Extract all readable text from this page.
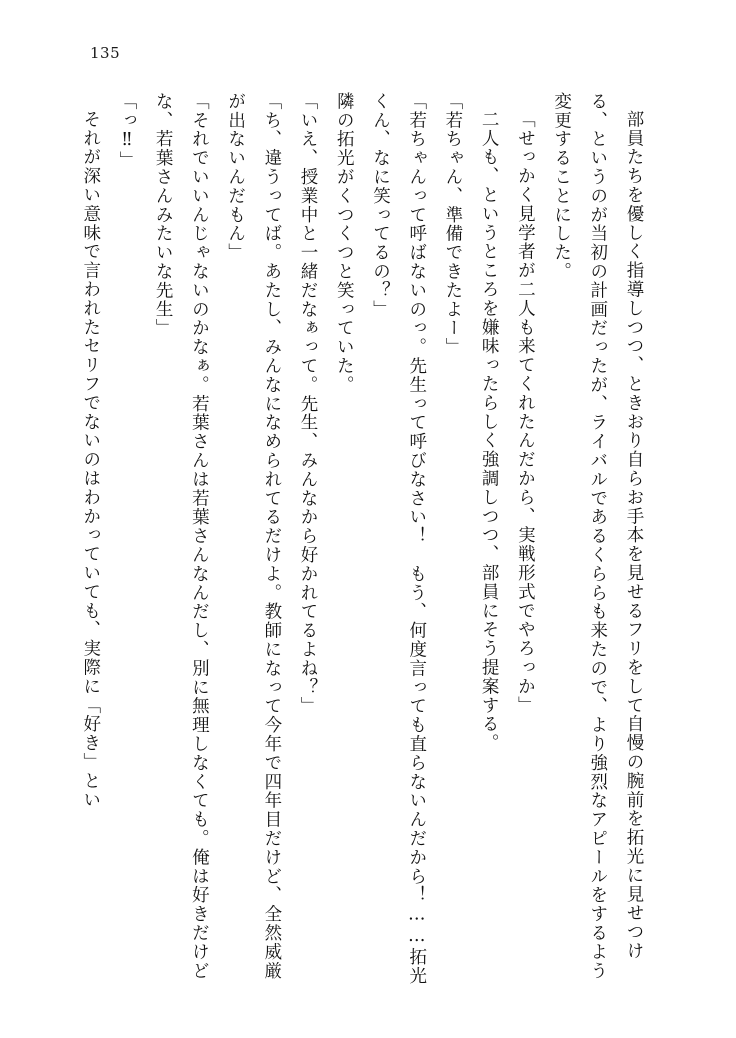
135

部員たちを優しく指導しつつ、ときおり自らお手本を見せるフリをして自慢の腕前を拓光に見せつける、というのが当初の計画だったが、ライバルであるくららも来たので、より強烈なアピールをするよう変更することにした。

「せっかく見学者が二人も来てくれたんだから、実戦形式でやろっか」

二人も、というところを嫌味ったらしく強調しつつ、部員にそう提案する。

「若ちゃん、準備できたよー」

「若ちゃんって呼ばないのっ。先生って呼びなさい！　もう、何度言っても直らないんだから！……拓光くん、なに笑ってるの？」

隣の拓光がくつくつと笑っていた。

「いえ、授業中と一緒だなぁって。先生、みんなから好かれてるよね？」

「ち、違うってば。あたし、みんなになめられてるだけよ。教師になって今年で四年目だけど、全然威厳が出ないんだもん」

「それでいいんじゃないのかなぁ。若葉さんは若葉さんなんだし、別に無理しなくても。俺は好きだけどな、若葉さんみたいな先生」

「っ‼」

それが深い意味で言われたセリフでないのはわかっていても、実際に「好き」とい
